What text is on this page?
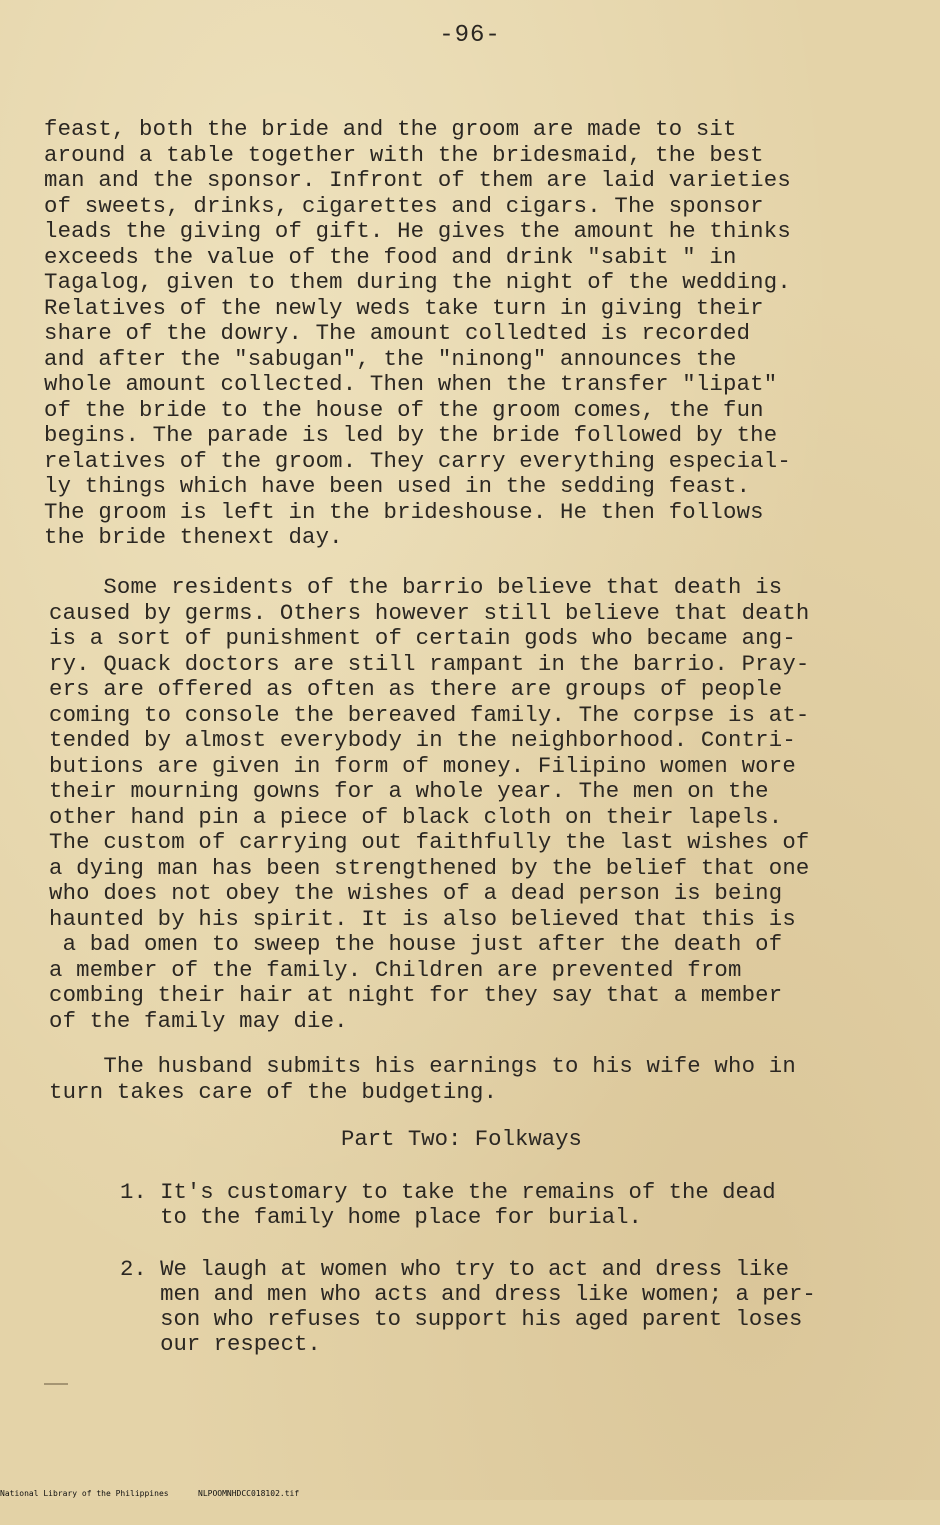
-96-

feast, both the bride and the groom are made to sit
around a table together with the bridesmaid, the best
man and the sponsor. Infront of them are laid varieties
of sweets, drinks, cigarettes and cigars. The sponsor
leads the giving of gift. He gives the amount he thinks
exceeds the value of the food and drink "sabit " in
Tagalog, given to them during the night of the wedding.
Relatives of the newly weds take turn in giving their
share of the dowry. The amount colledted is recorded
and after the "sabugan", the "ninong" announces the
whole amount collected. Then when the transfer "lipat"
of the bride to the house of the groom comes, the fun
begins. The parade is led by the bride followed by the
relatives of the groom. They carry everything especial-
ly things which have been used in the sedding feast.
The groom is left in the brideshouse. He then follows
the bride thenext day.

Some residents of the barrio believe that death is
caused by germs. Others however still believe that death
is a sort of punishment of certain gods who became ang-
ry. Quack doctors are still rampant in the barrio. Pray-
ers are offered as often as there are groups of people
coming to console the bereaved family. The corpse is at-
tended by almost everybody in the neighborhood. Contri-
butions are given in form of money. Filipino women wore
their mourning gowns for a whole year. The men on the
other hand pin a piece of black cloth on their lapels.
The custom of carrying out faithfully the last wishes of
a dying man has been strengthened by the belief that one
who does not obey the wishes of a dead person is being
haunted by his spirit. It is also believed that this is
a bad omen to sweep the house just after the death of
a member of the family. Children are prevented from
combing their hair at night for they say that a member
of the family may die.

The husband submits his earnings to his wife who in
turn takes care of the budgeting.

Part Two: Folkways

1. It's customary to take the remains of the dead
to the family home place for burial.

2. We laugh at women who try to act and dress like
men and men who acts and dress like women; a per-
son who refuses to support his aged parent loses
our respect.

National Library of the Philippines

	NLPOOMNHDCC018102.tif
